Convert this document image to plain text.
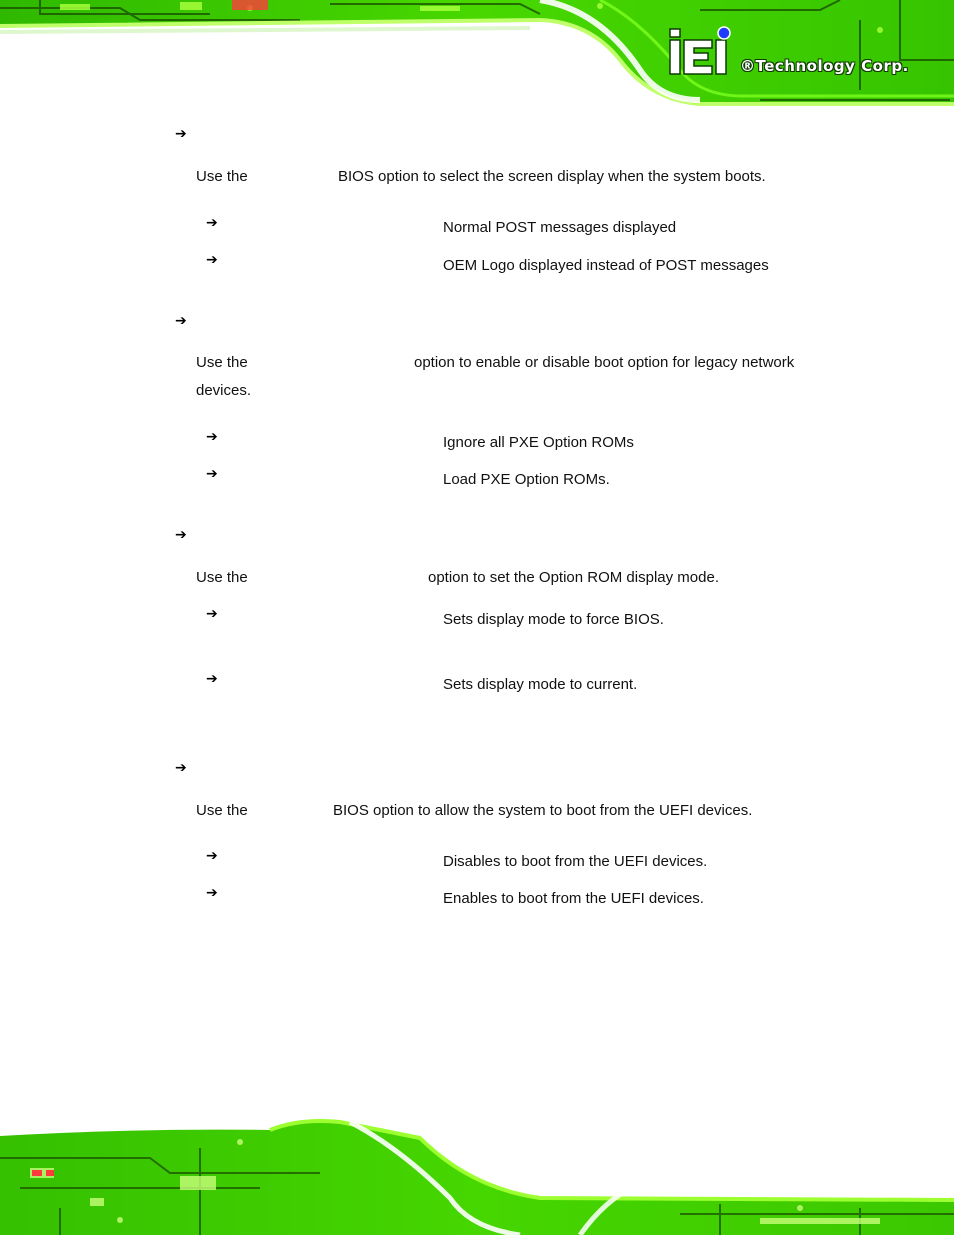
®Technology Corp.
➔
Use the	BIOS option to select the screen display when the system boots.
➔	Normal POST messages displayed
➔	OEM Logo displayed instead of POST messages
➔
Use the	option to enable or disable boot option for legacy network
devices.
➔	Ignore all PXE Option ROMs
➔	Load PXE Option ROMs.
➔
Use the	option to set the Option ROM display mode.
➔	Sets display mode to force BIOS.
➔	Sets display mode to current.
➔
Use the	BIOS option to allow the system to boot from the UEFI devices.
➔	Disables to boot from the UEFI devices.
➔	Enables to boot from the UEFI devices.
